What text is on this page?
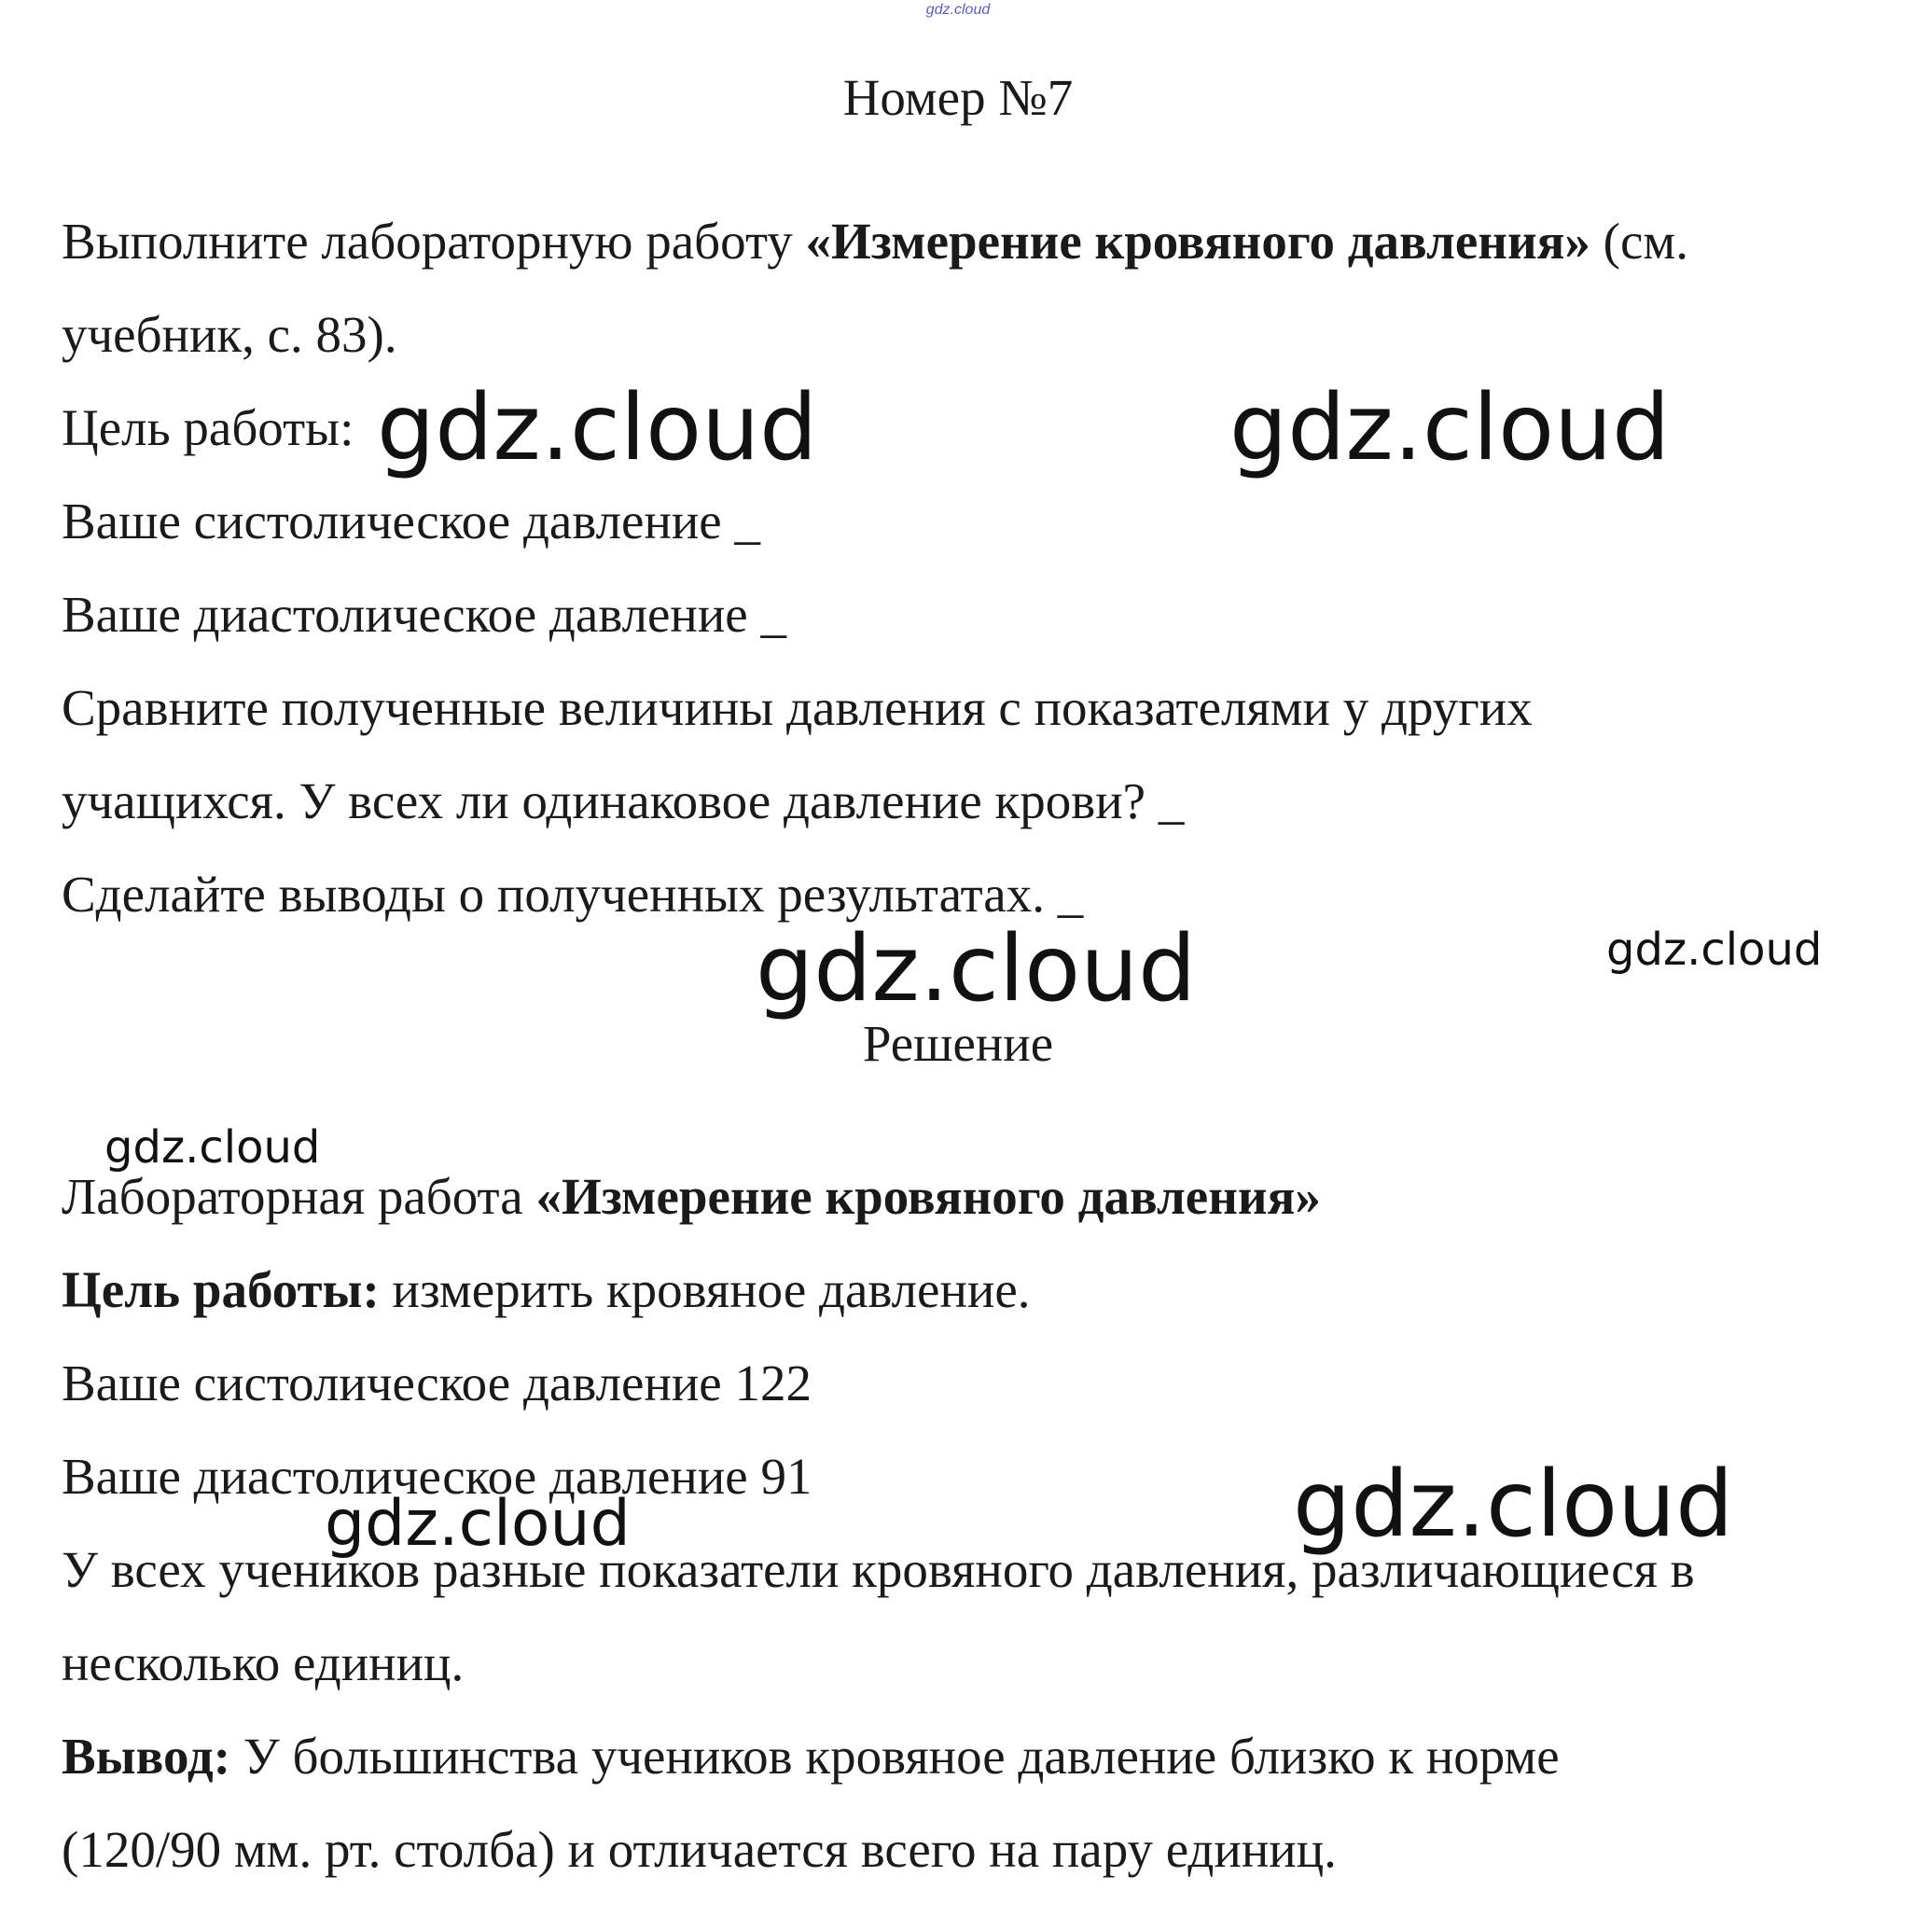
gdz.cloud
Номер №7
Выполните лабораторную работу «Измерение кровяного давления» (см.
учебник, с. 83).
Цель работы:
Ваше систолическое давление _
Ваше диастолическое давление _
Сравните полученные величины давления с показателями у других
учащихся. У всех ли одинаковое давление крови? _
Сделайте выводы о полученных результатах. _
Решение
Лабораторная работа «Измерение кровяного давления»
Цель работы: измерить кровяное давление.
Ваше систолическое давление 122
Ваше диастолическое давление 91
У всех учеников разные показатели кровяного давления, различающиеся в
несколько единиц.
Вывод: У большинства учеников кровяное давление близко к норме
(120/90 мм. рт. столба) и отличается всего на пару единиц.
gdz.cloud	gdz.cloud
gdz.cloud	gdz.cloud
gdz.cloud
gdz.cloud
gdz.cloud
